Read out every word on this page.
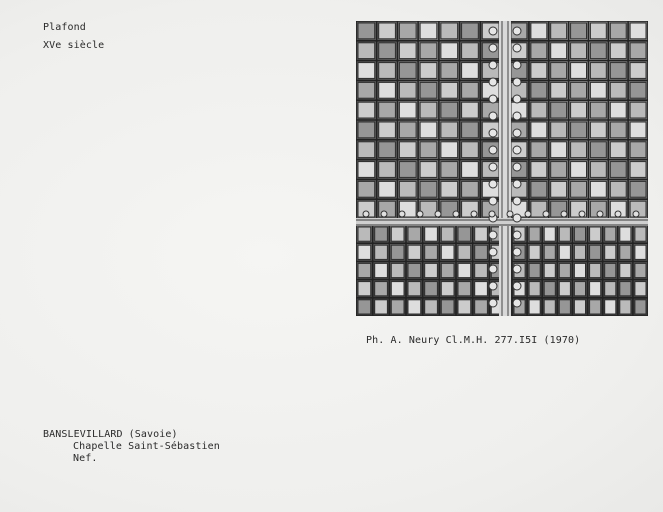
Plafond
XVe siècle
Ph. A. Neury Cl.M.H. 277.I5I (1970)
BANSLEVILLARD (Savoie)
Chapelle Saint-Sébastien
Nef.
